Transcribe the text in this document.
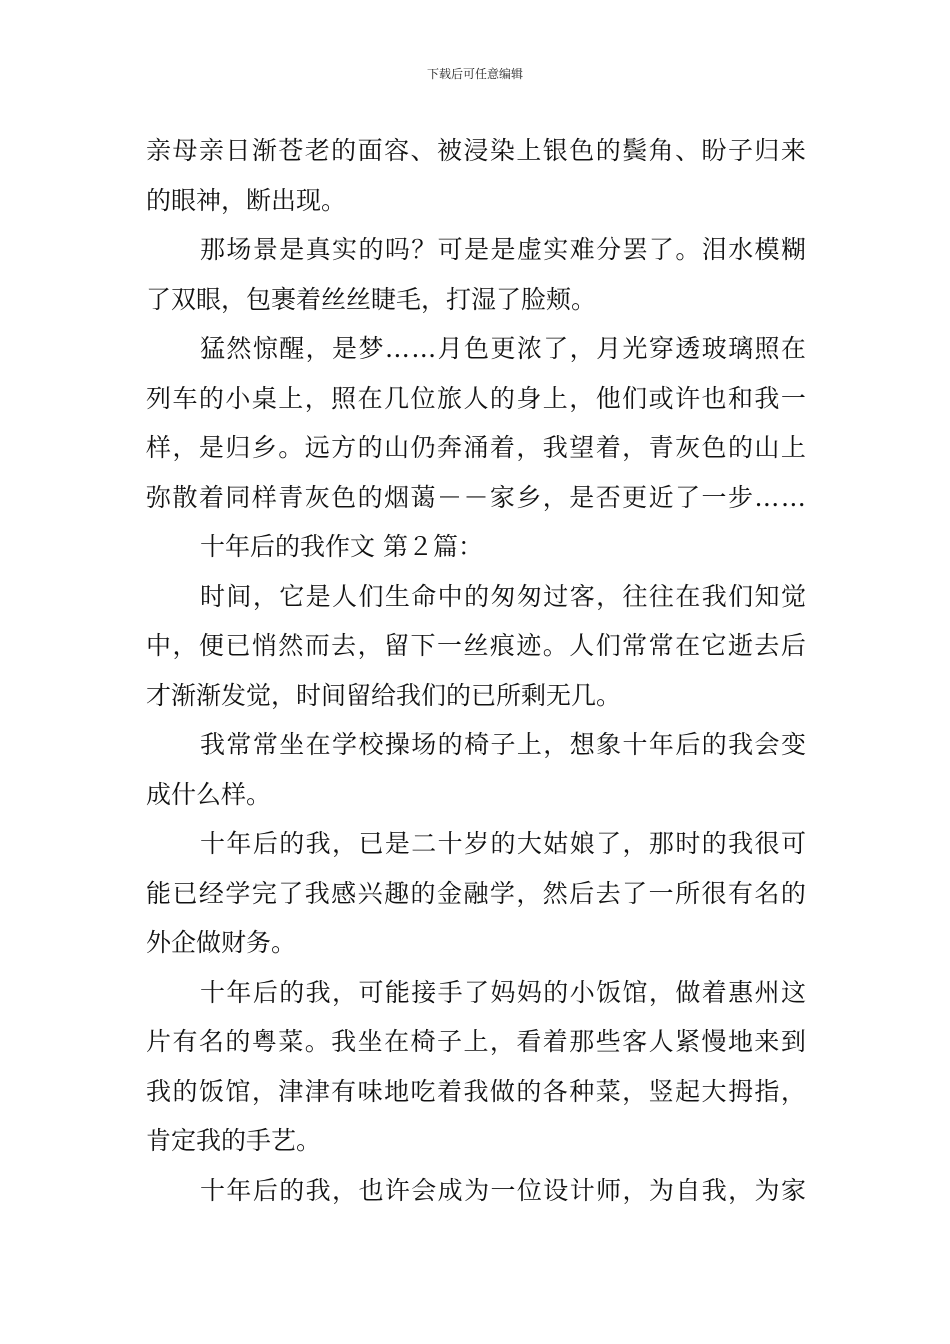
下载后可任意编辑
亲 母 亲 日 渐 苍 老 的 面 容 、 被 浸 染 上 银 色 的 鬓 角 、 盼 子 归 来
的眼神，断出现。
那 场 景 是 真 实 的 吗 ？ 可 是 是 虚 实 难 分 罢 了 。 泪 水 模 糊
了双眼，包裹着丝丝睫毛，打湿了脸颊。
猛 然 惊 醒 ， 是 梦 … … 月 色 更 浓 了 ， 月 光 穿 透 玻 璃 照 在
列 车 的 小 桌 上 ， 照 在 几 位 旅 人 的 身 上 ， 他 们 或 许 也 和 我 一
样 ， 是 归 乡 。 远 方 的 山 仍 奔 涌 着 ， 我 望 着 ， 青 灰 色 的 山 上
弥 散 着 同 样 青 灰 色 的 烟 蔼 － － 家 乡 ， 是 否 更 近 了 一 步 … …
十年后的我作文 第２篇：
时 间 ， 它 是 人 们 生 命 中 的 匆 匆 过 客 ， 往 往 在 我 们 知 觉
中 ， 便 已 悄 然 而 去 ， 留 下 一 丝 痕 迹 。 人 们 常 常 在 它 逝 去 后
才渐渐发觉，时间留给我们的已所剩无几。
我 常 常 坐 在 学 校 操 场 的 椅 子 上 ， 想 象 十 年 后 的 我 会 变
成什么样。
十 年 后 的 我 ， 已 是 二 十 岁 的 大 姑 娘 了 ， 那 时 的 我 很 可
能 已 经 学 完 了 我 感 兴 趣 的 金 融 学 ， 然 后 去 了 一 所 很 有 名 的
外企做财务。
十 年 后 的 我 ， 可 能 接 手 了 妈 妈 的 小 饭 馆 ， 做 着 惠 州 这
片 有 名 的 粤 菜 。 我 坐 在 椅 子 上 ， 看 着 那 些 客 人 紧 慢 地 来 到
我 的 饭 馆 ， 津 津 有 味 地 吃 着 我 做 的 各 种 菜 ， 竖 起 大 拇 指 ，
肯定我的手艺。
十 年 后 的 我 ， 也 许 会 成 为 一 位 设 计 师 ， 为 自 我 ， 为 家
